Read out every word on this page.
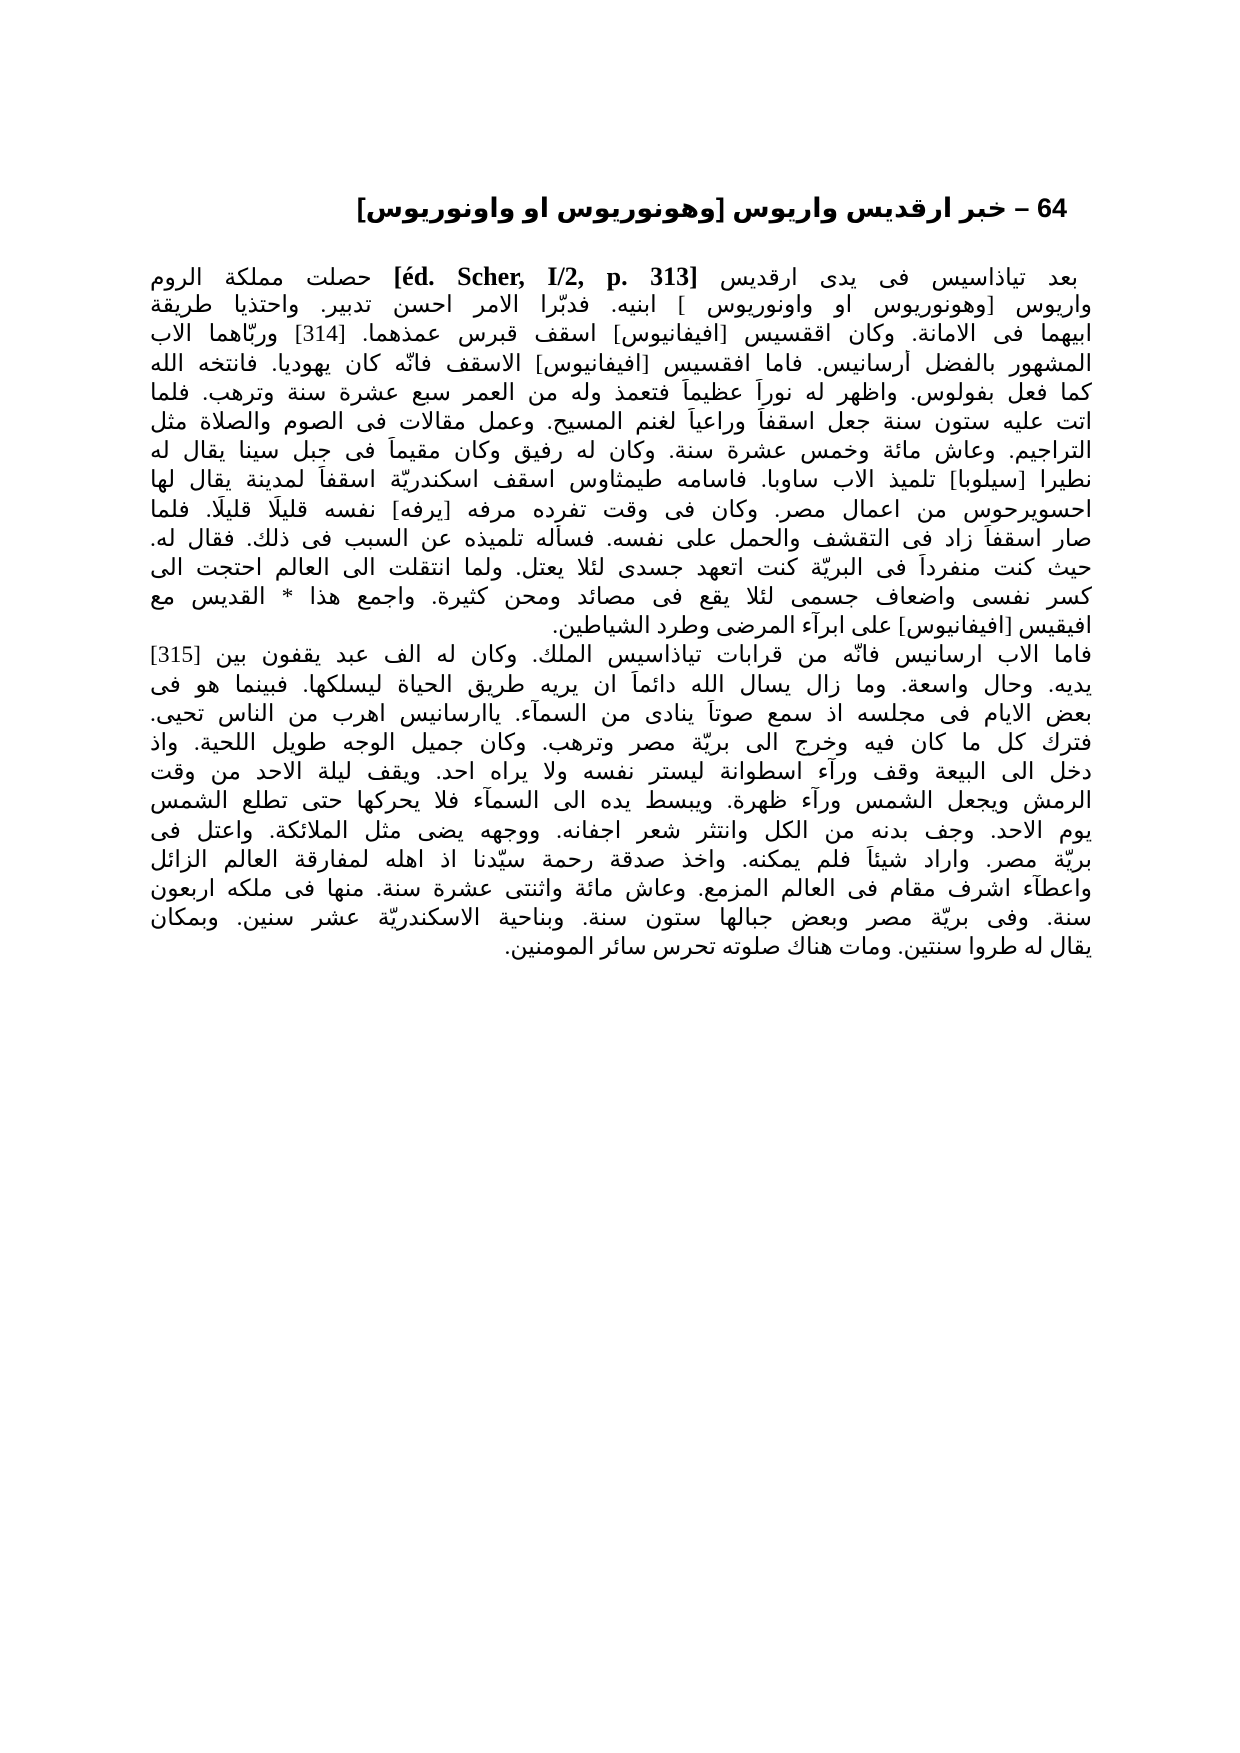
64 – خبر ارقديس واريوس [وهونوريوس او واونوريوس]
بعد تياذاسيس فى يدى ارقديس [éd. Scher, I/2, p. 313] حصلت مملكة الروم
واريوس [وهونوريوس او واونوريوس ] ابنيه. فدبّرا الامر احسن تدبير. واحتذيا طريقة
ابيهما فى الامانة. وكان اققسيس [افيفانيوس] اسقف قبرس عمذهما. [314] وربّاهما الاب
المشهور بالفضل أرسانيس. فاما افقسيس [افيفانيوس] الاسقف فانّه كان يهوديا. فانتخه الله
كما فعل بفولوس. واظهر له نوراً عظيماً فتعمذ وله من العمر سبع عشرة سنة وترهب. فلما
اتت عليه ستون سنة جعل اسقفاً وراعياً لغنم المسيح. وعمل مقالات فى الصوم والصلاة مثل
التراجيم. وعاش مائة وخمس عشرة سنة. وكان له رفيق وكان مقيماً فى جبل سينا يقال له
نطيرا [سيلوبا] تلميذ الاب ساوبا. فاسامه طيمثاوس اسقف اسكندريّة اسقفاً لمدينة يقال لها
احسويرحوس من اعمال مصر. وكان فى وقت تفرده مرفه [يرفه] نفسه قليلًا قليلًا. فلما
صار اسقفاً زاد فى التقشف والحمل على نفسه. فسأله تلميذه عن السبب فى ذلك. فقال له.
حيث كنت منفرداً فى البريّة كنت اتعهد جسدى لئلا يعتل. ولما انتقلت الى العالم احتجت الى
كسر نفسى واضعاف جسمى لئلا يقع فى مصائد ومحن كثيرة. واجمع هذا * القديس مع
افيقيس [افيفانيوس] على ابرآء المرضى وطرد الشياطين.
فاما الاب ارسانيس فانّه من قرابات تياذاسيس الملك. وكان له الف عبد يقفون بين [315]
يديه. وحال واسعة. وما زال يسال الله دائماً ان يريه طريق الحياة ليسلكها. فبينما هو فى
بعض الايام فى مجلسه اذ سمع صوتاً ينادى من السمآء. ياارسانيس اهرب من الناس تحيى.
فترك كل ما كان فيه وخرج الى بريّة مصر وترهب. وكان جميل الوجه طويل اللحية. واذ
دخل الى البيعة وقف ورآء اسطوانة ليستر نفسه ولا يراه احد. ويقف ليلة الاحد من وقت
الرمش ويجعل الشمس ورآء ظهرة. ويبسط يده الى السمآء فلا يحركها حتى تطلع الشمس
يوم الاحد. وجف بدنه من الكل وانتثر شعر اجفانه. ووجهه يضى مثل الملائكة. واعتل فى
بريّة مصر. واراد شيئاً فلم يمكنه. واخذ صدقة رحمة سيّدنا اذ اهله لمفارقة العالم الزائل
واعطآء اشرف مقام فى العالم المزمع. وعاش مائة واثنتى عشرة سنة. منها فى ملكه اربعون
سنة. وفى بريّة مصر وبعض جبالها ستون سنة. وبناحية الاسكندريّة عشر سنين. وبمكان
يقال له طروا سنتين. ومات هناك صلوته تحرس سائر المومنين.
